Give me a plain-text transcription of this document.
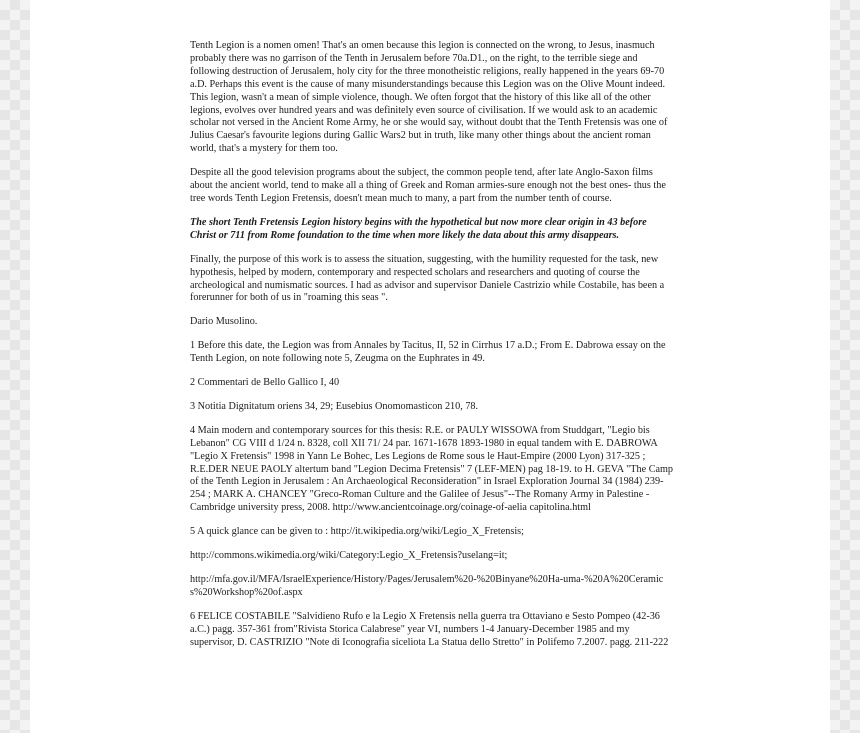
Tenth Legion is a nomen omen! That's an omen because this legion is connected on the wrong, to Jesus, inasmuch probably there was no garrison of the Tenth in Jerusalem before 70a.D1., on the right, to the terrible siege and following destruction of Jerusalem, holy city for the three monotheistic religions, really happened in the years 69-70 a.D. Perhaps this event is the cause of many misunderstandings because this Legion was on the Olive Mount indeed. This legion, wasn't a mean of simple violence, though. We often forgot that the history of this like all of the other legions, evolves over hundred years and was definitely even source of civilisation. If we would ask to an academic scholar not versed in the Ancient Rome Army, he or she would say, without doubt that the Tenth Fretensis was one of Julius Caesar's favourite legions during Gallic Wars2 but in truth, like many other things about the ancient roman world, that's a mystery for them too.

Despite all the good television programs about the subject, the common people tend, after late Anglo-Saxon films about the ancient world, tend to make all a thing of Greek and Roman armies-sure enough not the best ones- thus the tree words Tenth Legion Fretensis, doesn't mean much to many, a part from the number tenth of course.

The short Tenth Fretensis Legion history begins with the hypothetical but now more clear origin in 43 before Christ or 711 from Rome foundation to the time when more likely the data about this army disappears.

Finally, the purpose of this work is to assess the situation, suggesting, with the humility requested for the task, new hypothesis, helped by modern, contemporary and respected scholars and researchers and quoting of course the archeological and numismatic sources. I had as advisor and supervisor Daniele Castrizio while Costabile, has been a forerunner for both of us in "roaming this seas ".

Dario Musolino.

1 Before this date, the Legion was from Annales by Tacitus, II, 52 in Cirrhus 17 a.D.; From E. Dabrowa essay on the Tenth Legion, on note following note 5, Zeugma on the Euphrates in 49.

2 Commentari de Bello Gallico I, 40

3 Notitia Dignitatum oriens 34, 29; Eusebius Onomomasticon 210, 78.

4 Main modern and contemporary sources for this thesis: R.E. or PAULY WISSOWA from Studdgart, "Legio bis Lebanon" CG VIII d 1/24 n. 8328, coll XII 71/ 24 par. 1671-1678 1893-1980 in equal tandem with E. DABROWA "Legio X Fretensis" 1998 in Yann Le Bohec, Les Legions de Rome sous le Haut-Empire (2000 Lyon) 317-325 ; R.E.DER NEUE PAOLY altertum band "Legion Decima Fretensis" 7 (LEF-MEN) pag 18-19. to H. GEVA "The Camp of the Tenth Legion in Jerusalem : An Archaeological Reconsideration" in Israel Exploration Journal 34 (1984) 239-254 ; MARK A. CHANCEY "Greco-Roman Culture and the Galilee of Jesus"--The Romany Army in Palestine - Cambridge university press, 2008. http://www.ancientcoinage.org/coinage-of-aelia capitolina.html

5 A quick glance can be given to : http://it.wikipedia.org/wiki/Legio_X_Fretensis;

http://commons.wikimedia.org/wiki/Category:Legio_X_Fretensis?uselang=it;

http://mfa.gov.il/MFA/IsraelExperience/History/Pages/Jerusalem%20-%20Binyane%20Ha-uma-%20A%20Ceramics%20Workshop%20of.aspx

6 FELICE COSTABILE "Salvidieno Rufo e la Legio X Fretensis nella guerra tra Ottaviano e Sesto Pompeo (42-36 a.C.) pagg. 357-361 from"Rivista Storica Calabrese" year VI, numbers 1-4 January-December 1985 and my supervisor, D. CASTRIZIO "Note di Iconografia siceliota La Statua dello Stretto" in Polifemo 7.2007. pagg. 211-222
